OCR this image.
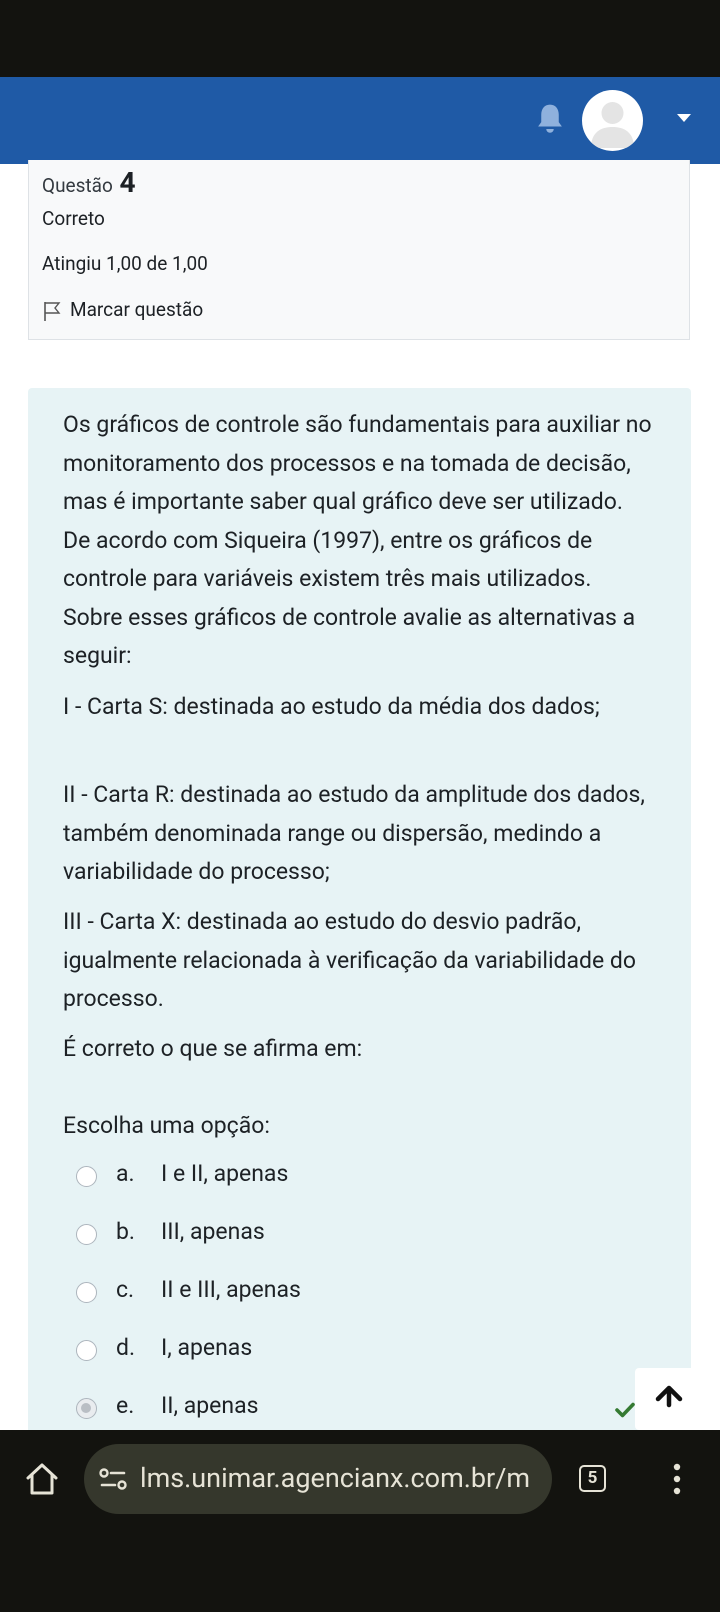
Questão 4
Correto
Atingiu 1,00 de 1,00
Marcar questão

Os gráficos de controle são fundamentais para auxiliar no monitoramento dos processos e na tomada de decisão, mas é importante saber qual gráfico deve ser utilizado. De acordo com Siqueira (1997), entre os gráficos de controle para variáveis existem três mais utilizados. Sobre esses gráficos de controle avalie as alternativas a seguir:

I - Carta S: destinada ao estudo da média dos dados;

II - Carta R: destinada ao estudo da amplitude dos dados, também denominada range ou dispersão, medindo a variabilidade do processo;

III - Carta X: destinada ao estudo do desvio padrão, igualmente relacionada à verificação da variabilidade do processo.

É correto o que se afirma em:

Escolha uma opção:

a. I e II, apenas
b. III, apenas
c. II e III, apenas
d. I, apenas
e. II, apenas
lms.unimar.agencianx.com.br/m	5
